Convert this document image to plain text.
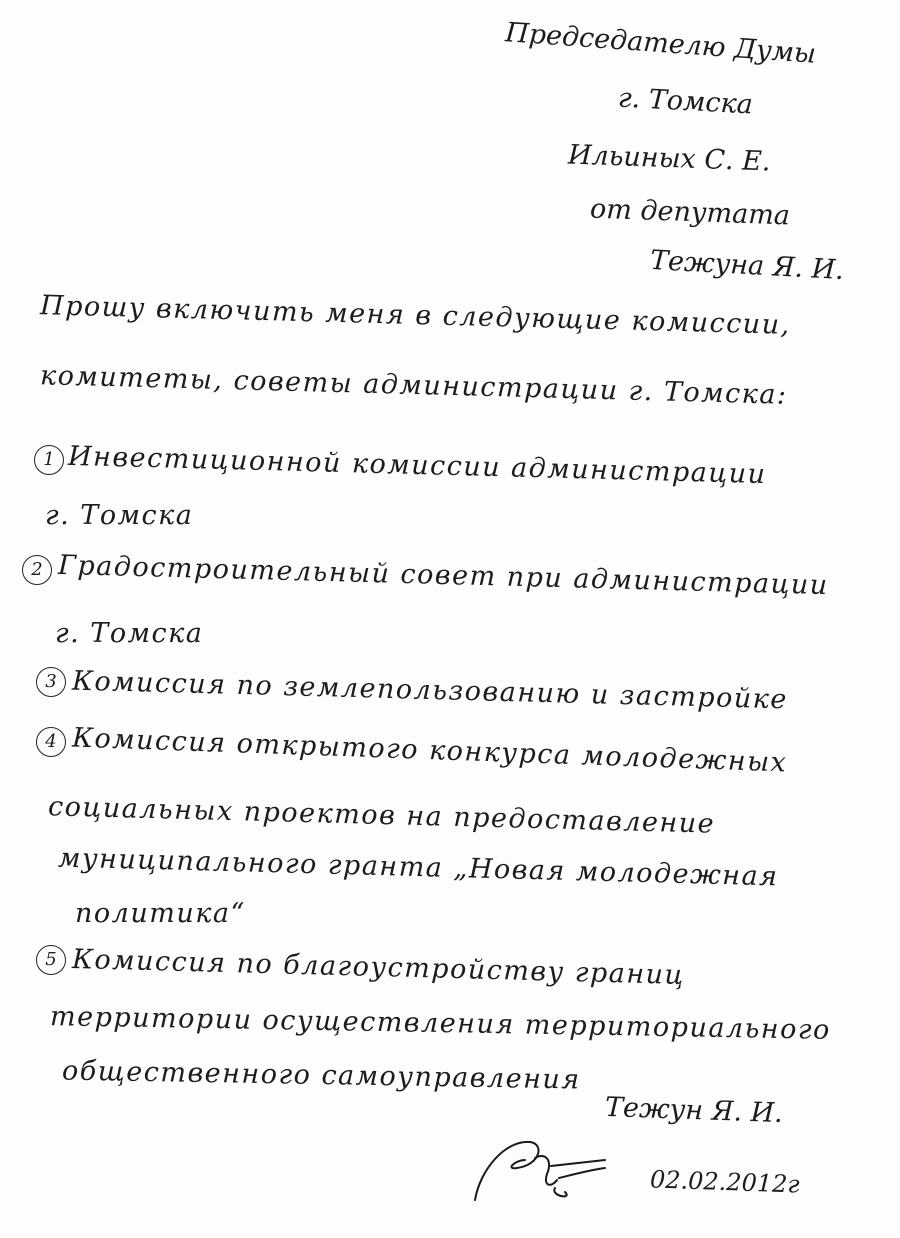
Председателю Думы
г. Томска
Ильиных С. Е.
от депутата
Тежуна Я. И.
Прошу включить меня в следующие комиссии,
комитеты, советы администрации г. Томска:
1 Инвестиционной комиссии администрации
г. Томска
2 Градостроительный совет при администрации
г. Томска
3 Комиссия по землепользованию и застройке
4 Комиссия открытого конкурса молодежных
социальных проектов на предоставление
муниципального гранта „Новая молодежная
политика“
5 Комиссия по благоустройству границ
территории осуществления территориального
общественного самоуправления
Тежун Я. И.
02.02.2012г
